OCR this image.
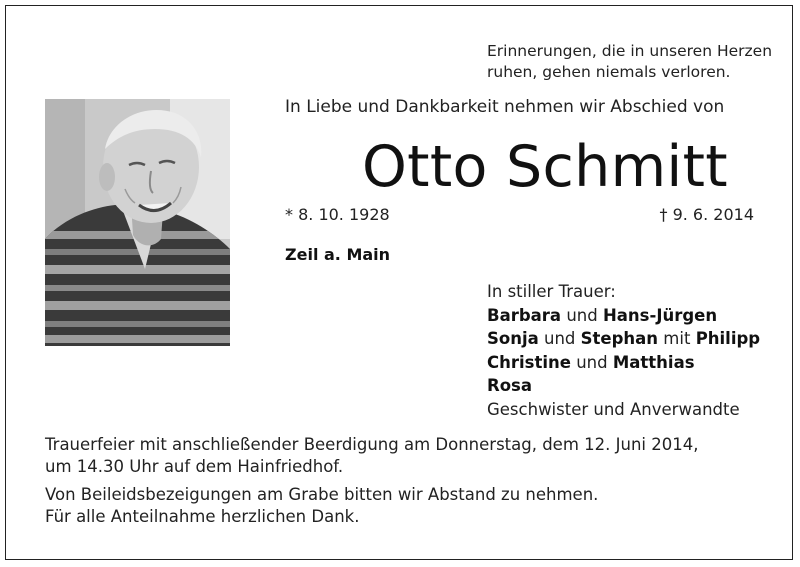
Erinnerungen, die in unseren Herzen
ruhen, gehen niemals verloren.
In Liebe und Dankbarkeit nehmen wir Abschied von
Otto Schmitt
* 8. 10. 1928	† 9. 6. 2014
Zeil a. Main
In stiller Trauer:
Barbara und Hans-Jürgen
Sonja und Stephan mit Philipp
Christine und Matthias
Rosa
Geschwister und Anverwandte
Trauerfeier mit anschließender Beerdigung am Donnerstag, dem 12. Juni 2014,
um 14.30 Uhr auf dem Hainfriedhof.
Von Beileidsbezeigungen am Grabe bitten wir Abstand zu nehmen.
Für alle Anteilnahme herzlichen Dank.
